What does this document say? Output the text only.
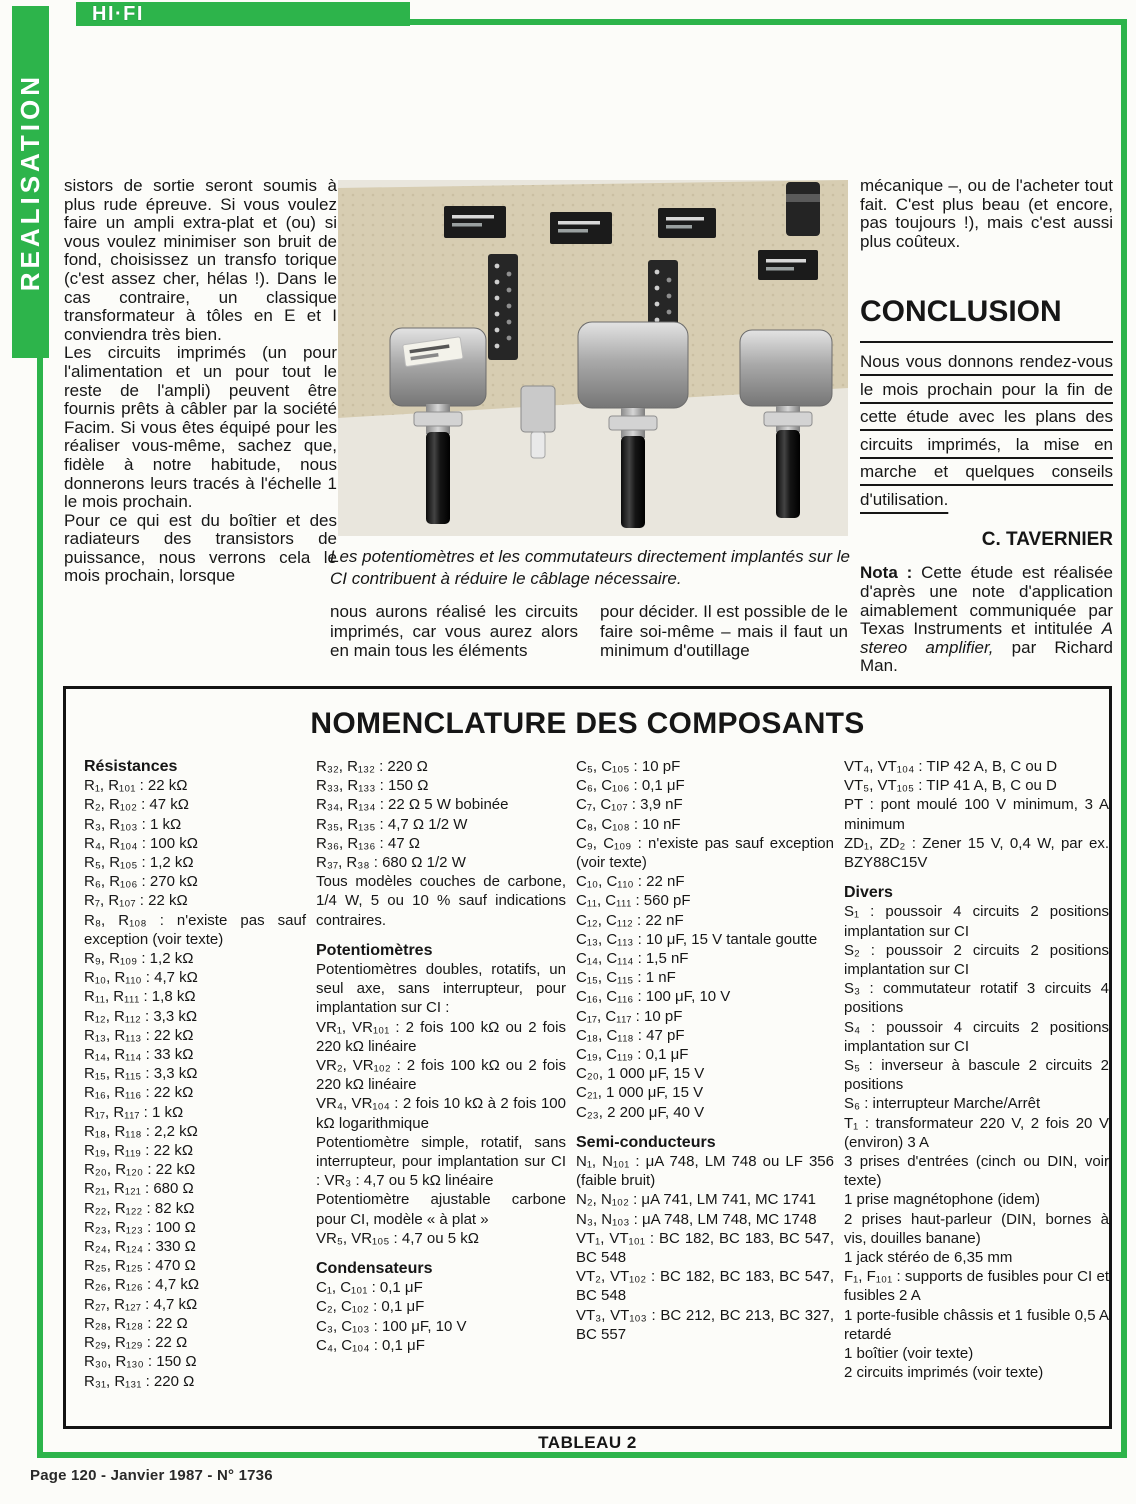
HI·FI
REALISATION sistors de sortie seront soumis à plus rude épreuve. Si vous voulez faire un ampli extra-plat et (ou) si vous voulez minimiser son bruit de fond, choisissez un transfo torique (c'est assez cher, hélas !). Dans le cas contraire, un classique transformateur à tôles en E et I conviendra très bien.

Les circuits imprimés (un pour l'alimentation et un pour tout le reste de l'ampli) peuvent être fournis prêts à câbler par la société Facim. Si vous êtes équipé pour les réaliser vous-même, sachez que, fidèle à notre habitude, nous donnerons leurs tracés à l'échelle 1 le mois prochain.

Pour ce qui est du boîtier et des radiateurs des transistors de puissance, nous verrons cela le mois prochain, lorsque

Les potentiomètres et les commutateurs directement implantés sur le CI contribuent à réduire le câblage nécessaire.

nous aurons réalisé les circuits imprimés, car vous aurez alors en main tous les éléments

pour décider. Il est possible de le faire soi-même – mais il faut un minimum d'outillage

mécanique –, ou de l'acheter tout fait. C'est plus beau (et encore, pas toujours !), mais c'est aussi plus coûteux.

CONCLUSION

Nous vous donnons rendez-vous le mois prochain pour la fin de cette étude avec les plans des circuits imprimés, la mise en marche et quelques conseils d'utilisation.

C. TAVERNIER

Nota : Cette étude est réalisée d'après une note d'application aimablement communiquée par Texas Instruments et intitulée A stereo amplifier, par Richard Man.

NOMENCLATURE DES COMPOSANTS
Résistances
R₁, R₁₀₁ : 22 kΩ
R₂, R₁₀₂ : 47 kΩ
R₃, R₁₀₃ : 1 kΩ
R₄, R₁₀₄ : 100 kΩ
R₅, R₁₀₅ : 1,2 kΩ
R₆, R₁₀₆ : 270 kΩ
R₇, R₁₀₇ : 22 kΩ
R₈, R₁₀₈ : n'existe pas sauf exception (voir texte)
R₉, R₁₀₉ : 1,2 kΩ
R₁₀, R₁₁₀ : 4,7 kΩ
R₁₁, R₁₁₁ : 1,8 kΩ
R₁₂, R₁₁₂ : 3,3 kΩ
R₁₃, R₁₁₃ : 22 kΩ
R₁₄, R₁₁₄ : 33 kΩ
R₁₅, R₁₁₅ : 3,3 kΩ
R₁₆, R₁₁₆ : 22 kΩ
R₁₇, R₁₁₇ : 1 kΩ
R₁₈, R₁₁₈ : 2,2 kΩ
R₁₉, R₁₁₉ : 22 kΩ
R₂₀, R₁₂₀ : 22 kΩ
R₂₁, R₁₂₁ : 680 Ω
R₂₂, R₁₂₂ : 82 kΩ
R₂₃, R₁₂₃ : 100 Ω
R₂₄, R₁₂₄ : 330 Ω
R₂₅, R₁₂₅ : 470 Ω
R₂₆, R₁₂₆ : 4,7 kΩ
R₂₇, R₁₂₇ : 4,7 kΩ
R₂₈, R₁₂₈ : 22 Ω
R₂₉, R₁₂₉ : 22 Ω
R₃₀, R₁₃₀ : 150 Ω
R₃₁, R₁₃₁ : 220 Ω
R₃₂, R₁₃₂ : 220 Ω
R₃₃, R₁₃₃ : 150 Ω
R₃₄, R₁₃₄ : 22 Ω 5 W bobinée
R₃₅, R₁₃₅ : 4,7 Ω 1/2 W
R₃₆, R₁₃₆ : 47 Ω
R₃₇, R₃₈ : 680 Ω 1/2 W
Tous modèles couches de carbone, 1/4 W, 5 ou 10 % sauf indications contraires.
Potentiomètres
Potentiomètres doubles, rotatifs, un seul axe, sans interrupteur, pour implantation sur CI :
VR₁, VR₁₀₁ : 2 fois 100 kΩ ou 2 fois 220 kΩ linéaire
VR₂, VR₁₀₂ : 2 fois 100 kΩ ou 2 fois 220 kΩ linéaire
VR₄, VR₁₀₄ : 2 fois 10 kΩ à 2 fois 100 kΩ logarithmique
Potentiomètre simple, rotatif, sans interrupteur, pour implantation sur CI : VR₃ : 4,7 ou 5 kΩ linéaire
Potentiomètre ajustable carbone pour CI, modèle « à plat »
VR₅, VR₁₀₅ : 4,7 ou 5 kΩ
Condensateurs
C₁, C₁₀₁ : 0,1 μF
C₂, C₁₀₂ : 0,1 μF
C₃, C₁₀₃ : 100 μF, 10 V
C₄, C₁₀₄ : 0,1 μF
C₅, C₁₀₅ : 10 pF
C₆, C₁₀₆ : 0,1 μF
C₇, C₁₀₇ : 3,9 nF
C₈, C₁₀₈ : 10 nF
C₉, C₁₀₉ : n'existe pas sauf exception (voir texte)
C₁₀, C₁₁₀ : 22 nF
C₁₁, C₁₁₁ : 560 pF
C₁₂, C₁₁₂ : 22 nF
C₁₃, C₁₁₃ : 10 μF, 15 V tantale goutte
C₁₄, C₁₁₄ : 1,5 nF
C₁₅, C₁₁₅ : 1 nF
C₁₆, C₁₁₆ : 100 μF, 10 V
C₁₇, C₁₁₇ : 10 pF
C₁₈, C₁₁₈ : 47 pF
C₁₉, C₁₁₉ : 0,1 μF
C₂₀, 1 000 μF, 15 V
C₂₁, 1 000 μF, 15 V
C₂₃, 2 200 μF, 40 V
Semi-conducteurs
N₁, N₁₀₁ : μA 748, LM 748 ou LF 356 (faible bruit)
N₂, N₁₀₂ : μA 741, LM 741, MC 1741
N₃, N₁₀₃ : μA 748, LM 748, MC 1748
VT₁, VT₁₀₁ : BC 182, BC 183, BC 547, BC 548
VT₂, VT₁₀₂ : BC 182, BC 183, BC 547, BC 548
VT₃, VT₁₀₃ : BC 212, BC 213, BC 327, BC 557
VT₄, VT₁₀₄ : TIP 42 A, B, C ou D
VT₅, VT₁₀₅ : TIP 41 A, B, C ou D
PT : pont moulé 100 V minimum, 3 A minimum
ZD₁, ZD₂ : Zener 15 V, 0,4 W, par ex. BZY88C15V
Divers
S₁ : poussoir 4 circuits 2 positions implantation sur CI
S₂ : poussoir 2 circuits 2 positions implantation sur CI
S₃ : commutateur rotatif 3 circuits 4 positions
S₄ : poussoir 4 circuits 2 positions implantation sur CI
S₅ : inverseur à bascule 2 circuits 2 positions
S₆ : interrupteur Marche/Arrêt
T₁ : transformateur 220 V, 2 fois 20 V (environ) 3 A
3 prises d'entrées (cinch ou DIN, voir texte)
1 prise magnétophone (idem)
2 prises haut-parleur (DIN, bornes à vis, douilles banane)
1 jack stéréo de 6,35 mm
F₁, F₁₀₁ : supports de fusibles pour CI et fusibles 2 A
1 porte-fusible châssis et 1 fusible 0,5 A retardé
1 boîtier (voir texte)
2 circuits imprimés (voir texte)
TABLEAU 2
Page 120 - Janvier 1987 - N° 1736
